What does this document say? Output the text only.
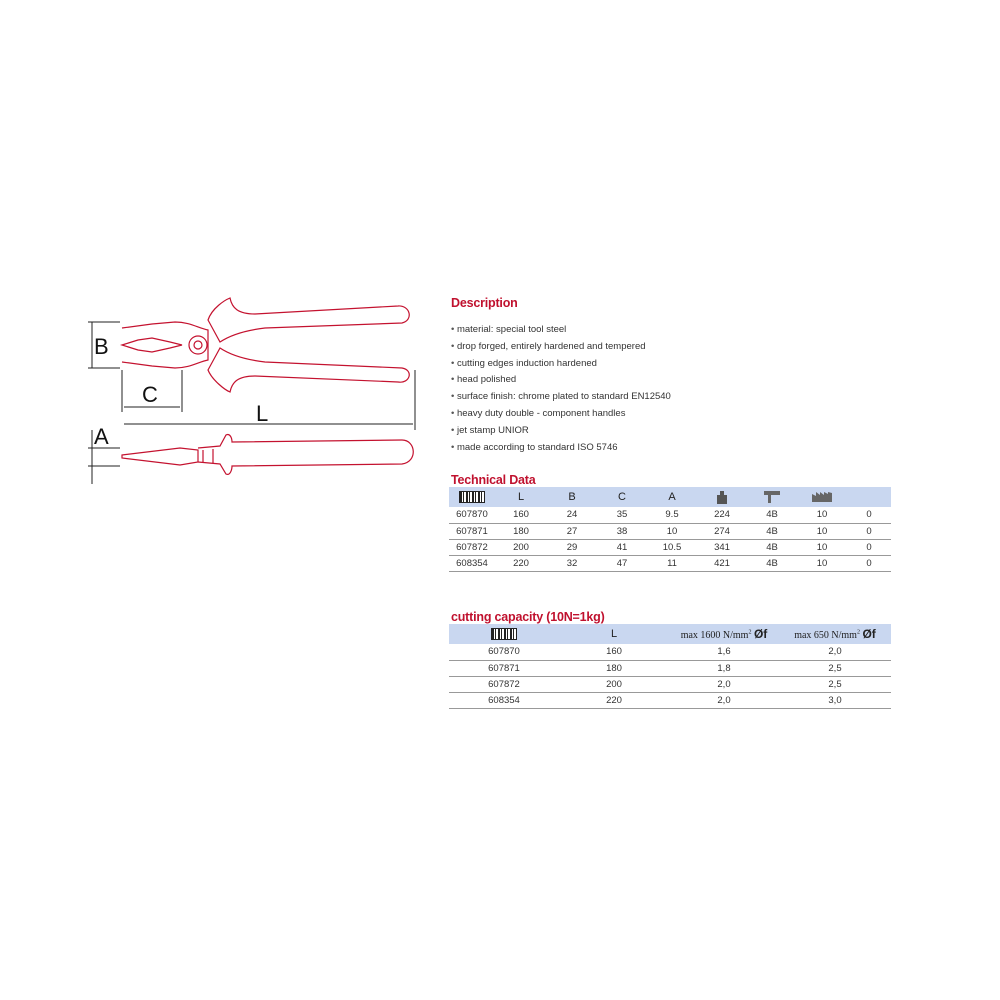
B
C
L
A
Description
• material: special tool steel
• drop forged, entirely hardened and tempered
• cutting edges induction hardened
• head polished
• surface finish: chrome plated to standard EN12540
• heavy duty double - component handles
• jet stamp UNIOR
• made according to standard ISO 5746
Technical Data
	L	B	C	A				
607870	160	24	35	9.5	224	4B	10	0
607871	180	27	38	10	274	4B	10	0
607872	200	29	41	10.5	341	4B	10	0
608354	220	32	47	11	421	4B	10	0
cutting capacity (10N=1kg)
	L	max 1600 $N/mm^2$ Øf	max 650 $N/mm^2$ Øf
607870	160	1,6	2,0
607871	180	1,8	2,5
607872	200	2,0	2,5
608354	220	2,0	3,0
